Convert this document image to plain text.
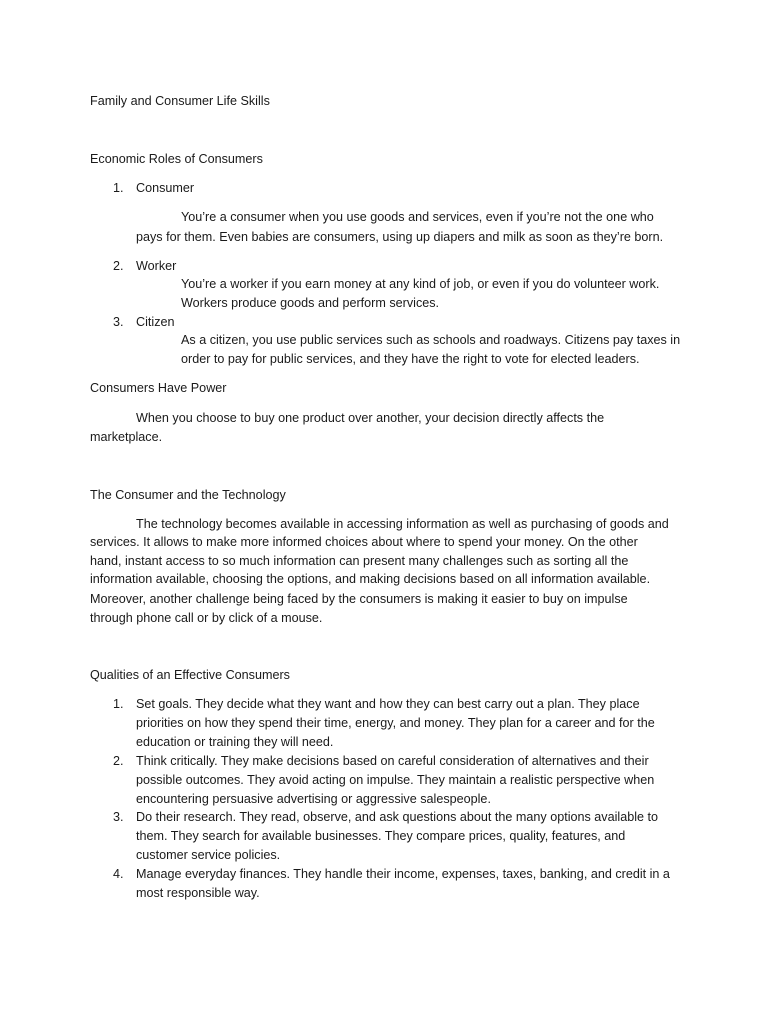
Family and Consumer Life Skills
Economic Roles of Consumers
1. Consumer
You’re a consumer when you use goods and services, even if you’re not the one who
pays for them. Even babies are consumers, using up diapers and milk as soon as they’re born.
2. Worker
You’re a worker if you earn money at any kind of job, or even if you do volunteer work.
Workers produce goods and perform services.
3. Citizen
As a citizen, you use public services such as schools and roadways. Citizens pay taxes in
order to pay for public services, and they have the right to vote for elected leaders.
Consumers Have Power
When you choose to buy one product over another, your decision directly affects the
marketplace.
The Consumer and the Technology
The technology becomes available in accessing information as well as purchasing of goods and
services. It allows to make more informed choices about where to spend your money. On the other
hand, instant access to so much information can present many challenges such as sorting all the
information available, choosing the options, and making decisions based on all information available.
Moreover, another challenge being faced by the consumers is making it easier to buy on impulse
through phone call or by click of a mouse.
Qualities of an Effective Consumers
1. Set goals. They decide what they want and how they can best carry out a plan. They place
priorities on how they spend their time, energy, and money. They plan for a career and for the
education or training they will need.
2. Think critically. They make decisions based on careful consideration of alternatives and their
possible outcomes. They avoid acting on impulse. They maintain a realistic perspective when
encountering persuasive advertising or aggressive salespeople.
3. Do their research. They read, observe, and ask questions about the many options available to
them. They search for available businesses. They compare prices, quality, features, and
customer service policies.
4. Manage everyday finances. They handle their income, expenses, taxes, banking, and credit in a
most responsible way.
